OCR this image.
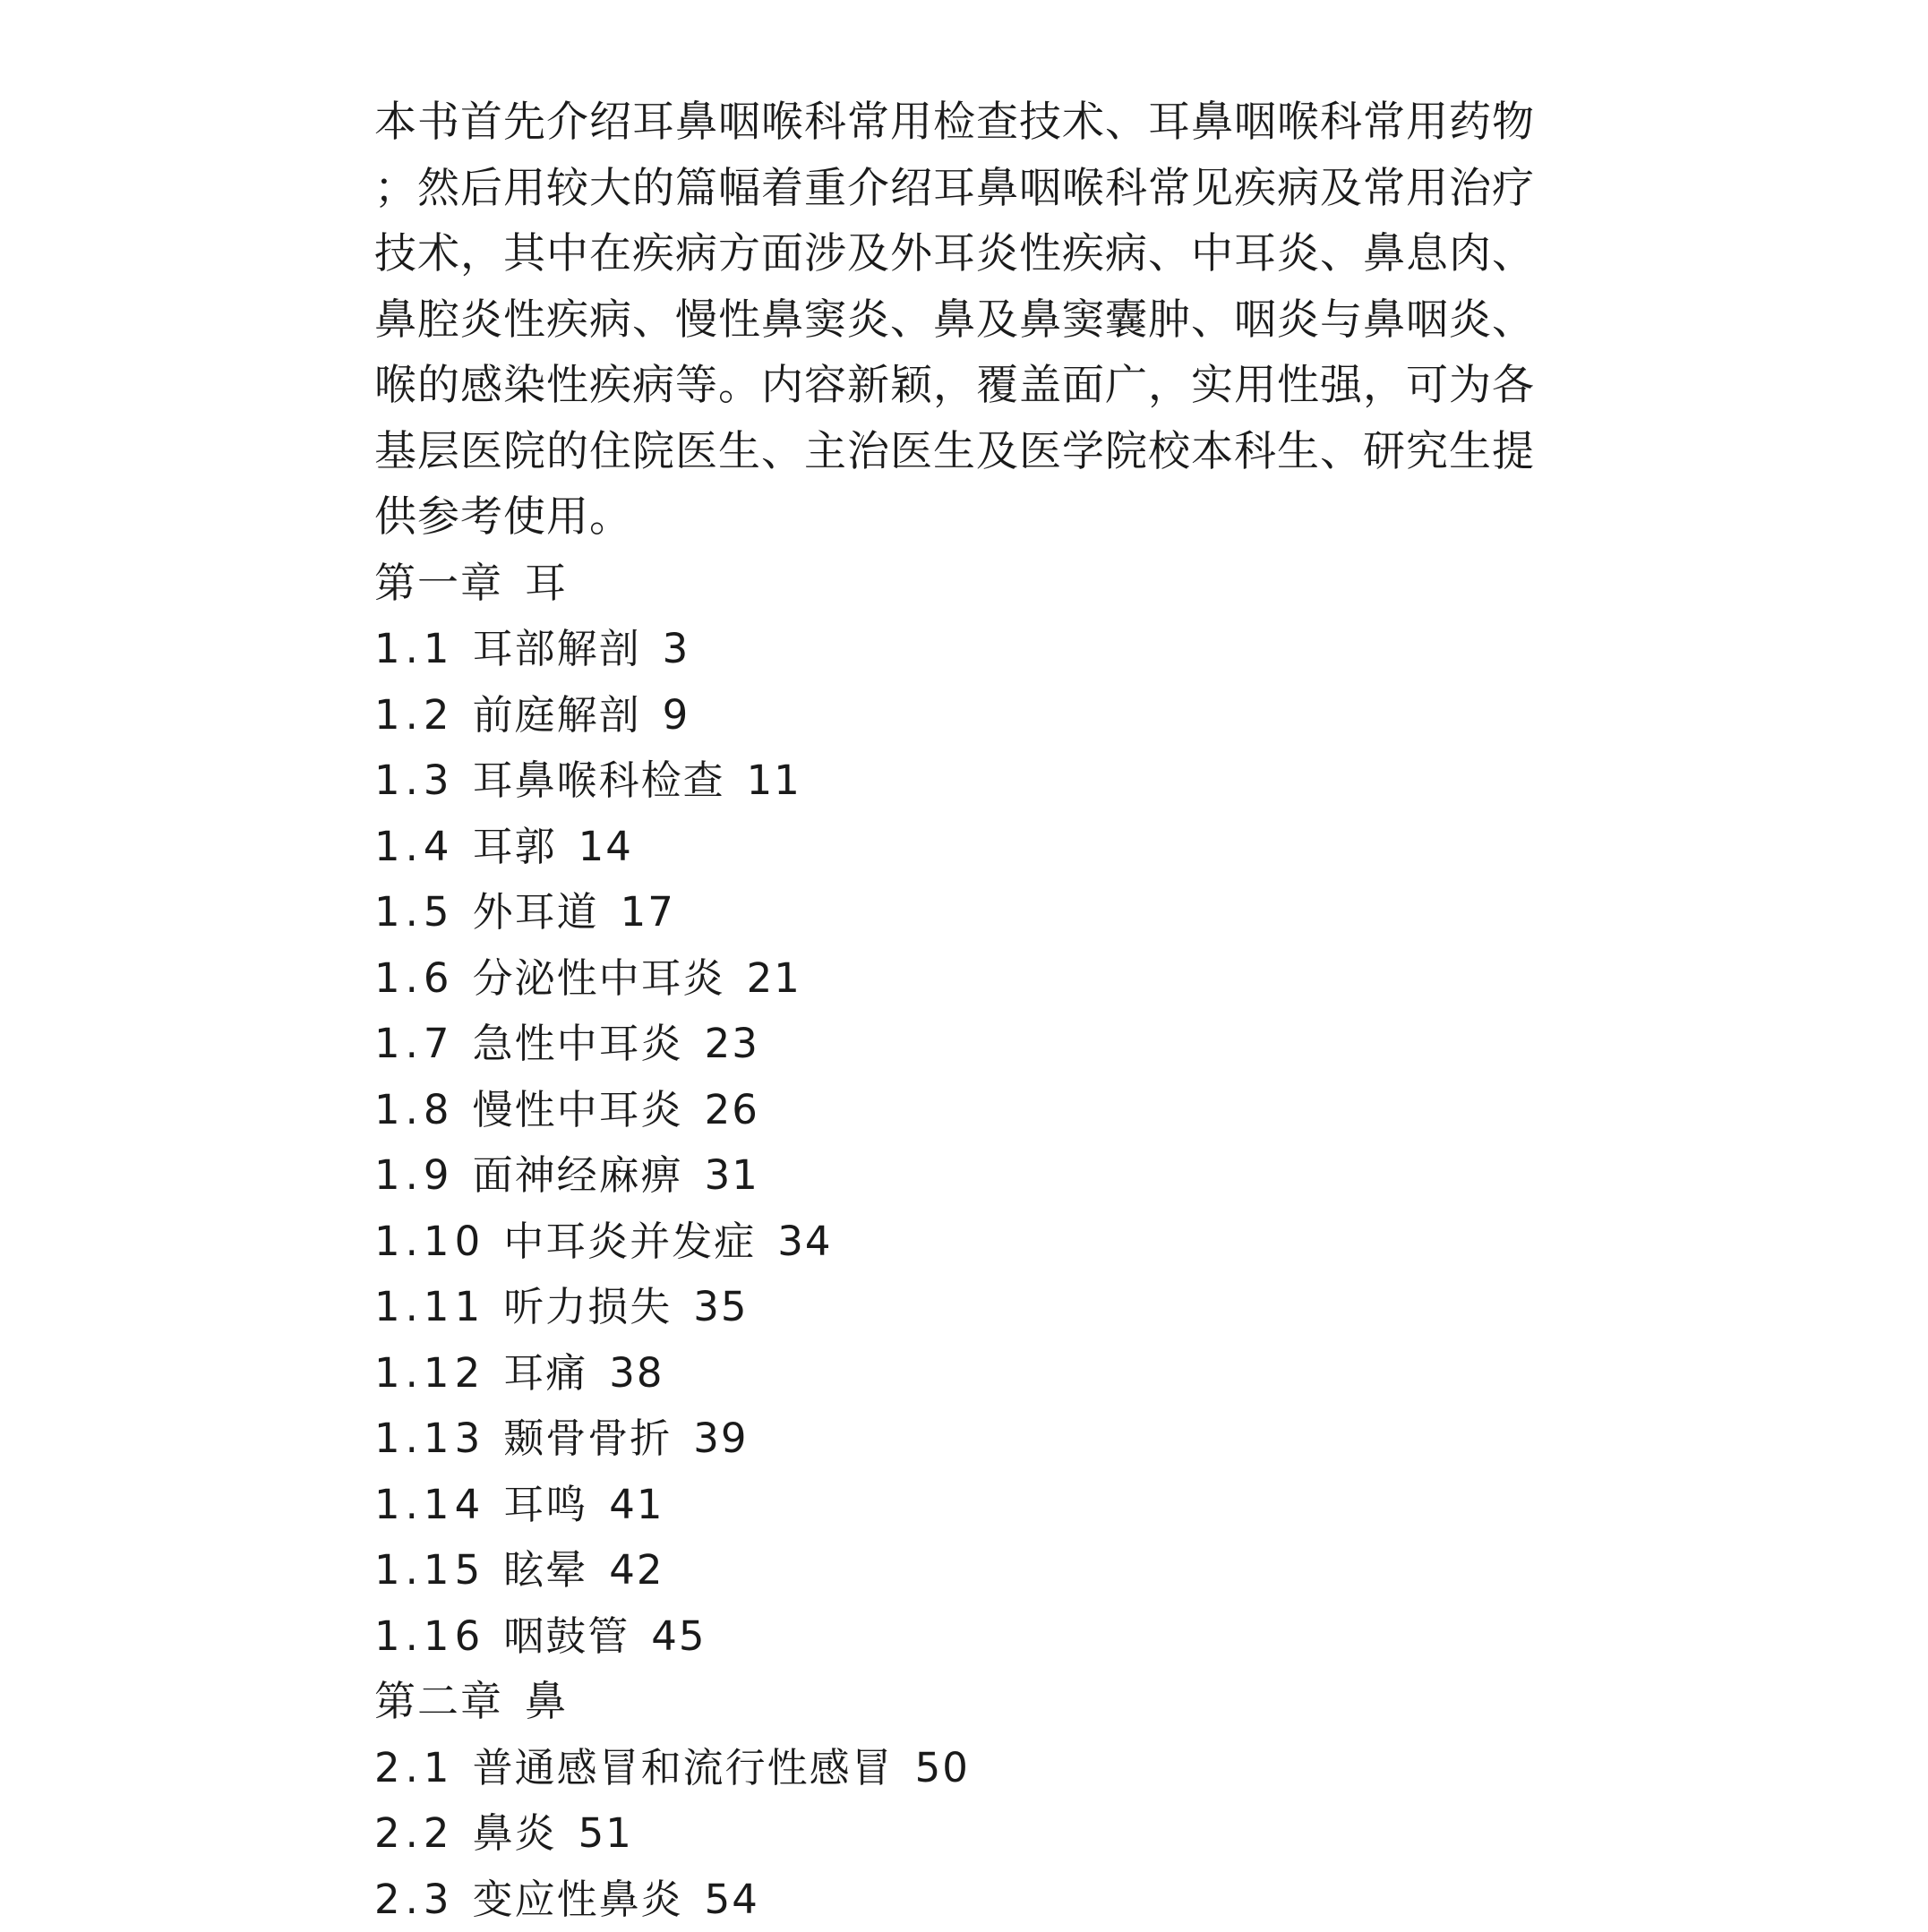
本书首先介绍耳鼻咽喉科常用检查技术、耳鼻咽喉科常用药物

；然后用较大的篇幅着重介绍耳鼻咽喉科常见疾病及常用治疗

技术，其中在疾病方面涉及外耳炎性疾病、中耳炎、鼻息肉、

鼻腔炎性疾病、慢性鼻窦炎、鼻及鼻窦囊肿、咽炎与鼻咽炎、

喉的感染性疾病等。内容新颖，覆盖面广，实用性强，可为各

基层医院的住院医生、主治医生及医学院校本科生、研究生提

供参考使用。

第一章 耳
1.1 耳部解剖 3
1.2 前庭解剖 9
1.3 耳鼻喉科检查 11
1.4 耳郭 14
1.5 外耳道 17
1.6 分泌性中耳炎 21
1.7 急性中耳炎 23
1.8 慢性中耳炎 26
1.9 面神经麻痹 31
1.10 中耳炎并发症 34
1.11 听力损失 35
1.12 耳痛 38
1.13 颞骨骨折 39
1.14 耳鸣 41
1.15 眩晕 42
1.16 咽鼓管 45
第二章 鼻
2.1 普通感冒和流行性感冒 50
2.2 鼻炎 51
2.3 变应性鼻炎 54
